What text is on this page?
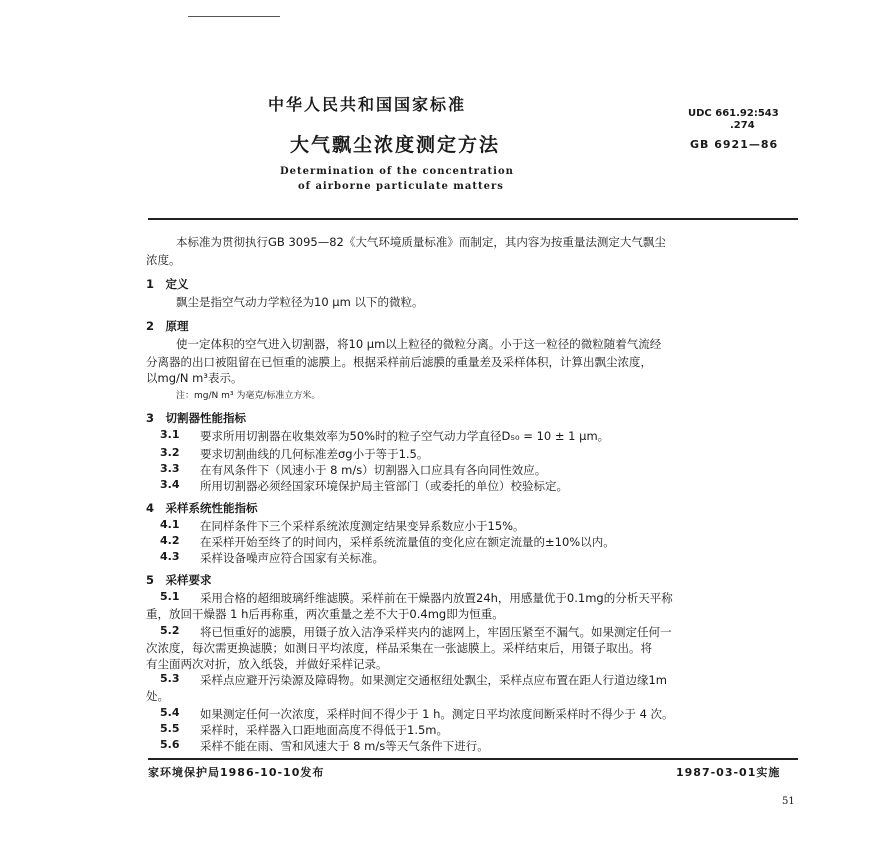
中华人民共和国国家标准	UDC 661.92:543
.274
大气飘尘浓度测定方法	GB 6921—86
Determination of the concentration
of airborne particulate matters
本标准为贯彻执行GB 3095—82《大气环境质量标准》而制定，其内容为按重量法测定大气飘尘
浓度。
1　定义
飘尘是指空气动力学粒径为10 μm 以下的微粒。
2　原理
使一定体积的空气进入切割器，将10 μm以上粒径的微粒分离。小于这一粒径的微粒随着气流经
分离器的出口被阻留在已恒重的滤膜上。根据采样前后滤膜的重量差及采样体积，计算出飘尘浓度，
以mg/N m³表示。
注：mg/N m³ 为毫克/标准立方米。
3　切割器性能指标
3.1 要求所用切割器在收集效率为50%时的粒子空气动力学直径D₅₀ = 10 ± 1 μm。
3.2 要求切割曲线的几何标准差σg小于等于1.5。
3.3 在有风条件下（风速小于 8 m/s）切割器入口应具有各向同性效应。
3.4 所用切割器必须经国家环境保护局主管部门（或委托的单位）校验标定。
4　采样系统性能指标
4.1 在同样条件下三个采样系统浓度测定结果变异系数应小于15%。
4.2 在采样开始至终了的时间内，采样系统流量值的变化应在额定流量的±10%以内。
4.3 采样设备噪声应符合国家有关标准。
5　采样要求
5.1 采用合格的超细玻璃纤维滤膜。采样前在干燥器内放置24h，用感量优于0.1mg的分析天平称
重，放回干燥器 1 h后再称重，两次重量之差不大于0.4mg即为恒重。
5.2 将已恒重好的滤膜，用镊子放入洁净采样夹内的滤网上，牢固压紧至不漏气。如果测定任何一
次浓度，每次需更换滤膜；如测日平均浓度，样品采集在一张滤膜上。采样结束后，用镊子取出。将
有尘面两次对折，放入纸袋，并做好采样记录。
5.3 采样点应避开污染源及障碍物。如果测定交通枢纽处飘尘，采样点应布置在距人行道边缘1m
处。
5.4 如果测定任何一次浓度，采样时间不得少于 1 h。测定日平均浓度间断采样时不得少于 4 次。
5.5 采样时，采样器入口距地面高度不得低于1.5m。
5.6 采样不能在雨、雪和风速大于 8 m/s等天气条件下进行。
家环境保护局1986-10-10发布	1987-03-01实施
51
